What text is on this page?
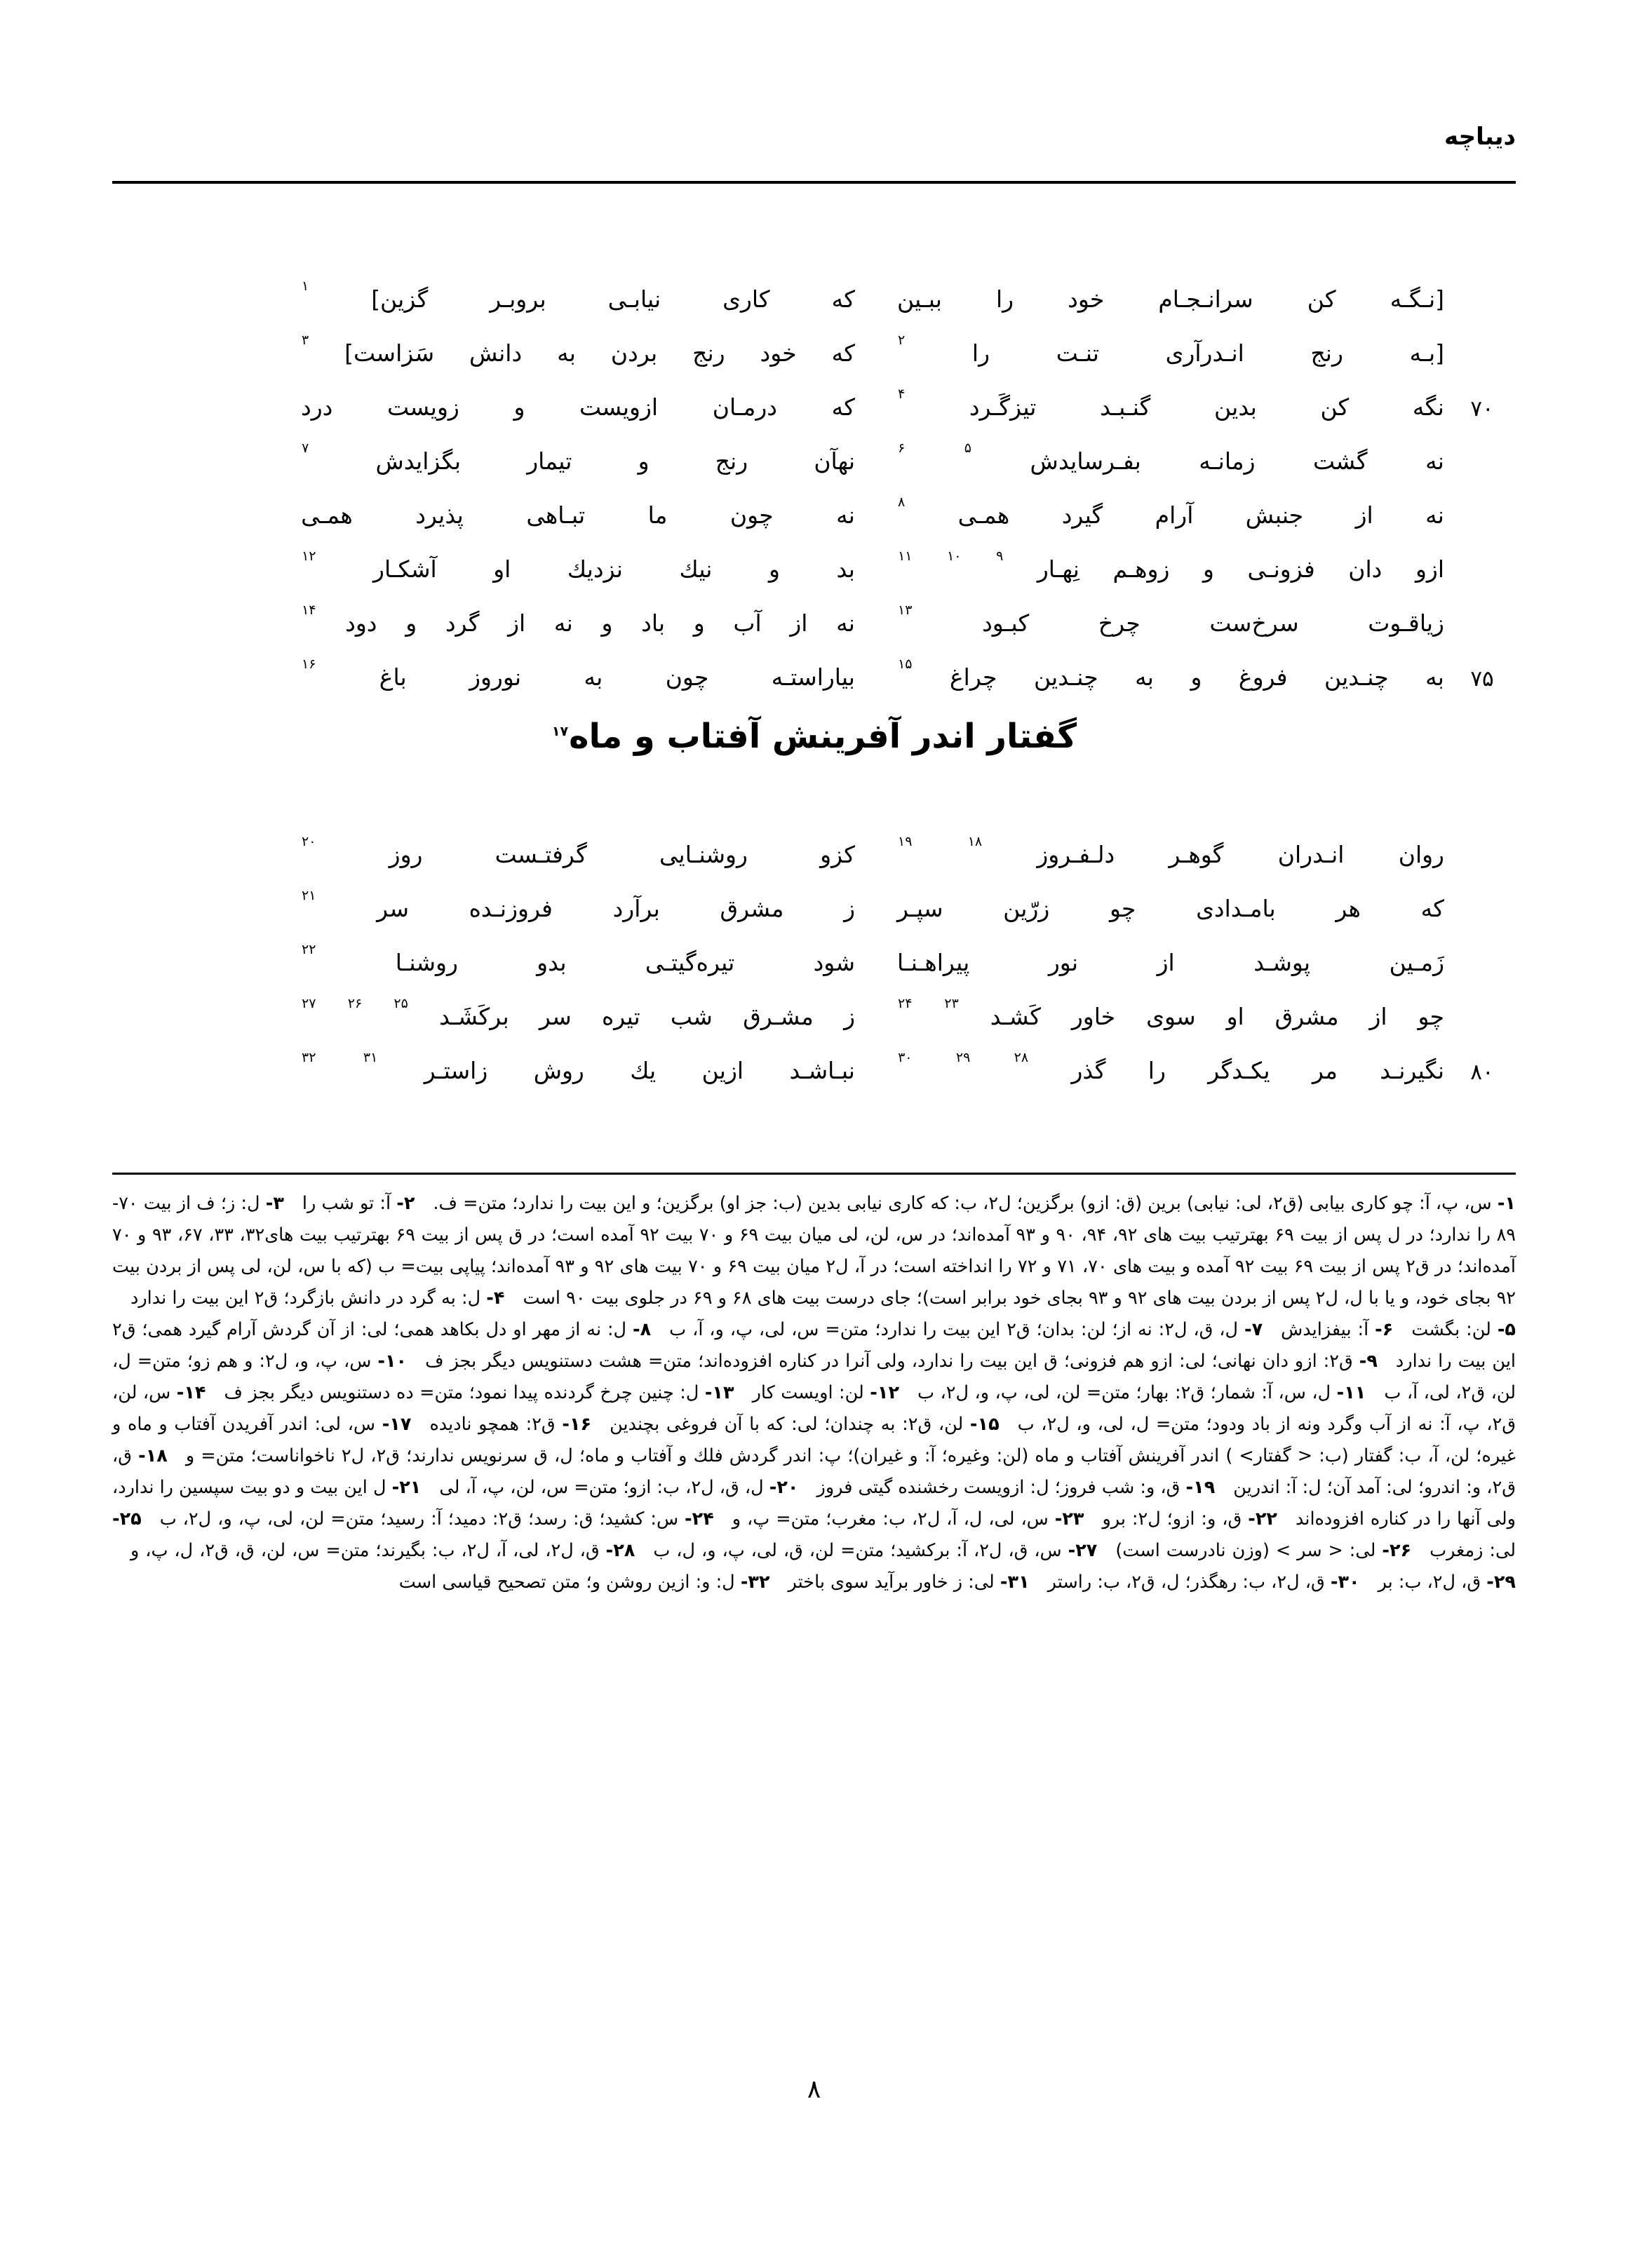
دیباچه
[نـگـه
کن
سرانـجـام
خود
را
ببـین
که
کاری
نیابـی
برو‌بـر
گزین]
۱
[بـه
رنج
انـدرآری
تنـت
را
۲
که
خود
رنج
بردن
به
دانش
سَزاست]
۳
۷۰
نگه
کن
بدین
گنـبـد
تیزگَـرد
۴
که
درمـان
ازویست
و
زویست
درد
نه
گشت
زمانـه
بفـرسایدش
۵
۶
نهآن
رنج
و
تیمار
بگزایدش
۷
نه
از
جنبش
آرام
گیرد
همـی
۸
نه
چون
ما
تبـاهی
پذیرد
همـی
ازو
دان
فزونـی
و
زوهـم
نِهـار
۹
۱۰
۱۱
بد
و
نیك
نزدیك
او
آشكـار
۱۲
زیاقـوت
سرخ‌ست
چرخ
كبـود
۱۳
نه
از
آب
و
باد
و
نه
از
گرد
و
دود
۱۴
۷۵
به
چنـدین
فروغ
و
به
چنـدین
چراغ
۱۵
بیاراستـه
چون
به
نوروز
باغ
۱۶
گفتار اندر آفرینش آفتاب و ماه$^{۱۷}$
روان
انـدران
گوهـر
دلـفـروز
۱۸
۱۹
كزو
روشنـایی
گرفتـست
روز
۲۰
كه
هر
بامـدادی
چو
زرّین
سپـر
ز
مشرق
برآرد
فروزنـده
سر
۲۱
زَمـین
پوشـد
از
نور
پیراهـنـا
شود
تیره‌گیتـی
بدو
روشنـا
۲۲
چو
از
مشرق
او
سوی
خاور
كَشـد
۲۳
۲۴
ز
مشـرق
شب
تیره
سر
برکَشَـد
۲۵
۲۶
۲۷
۸۰
نگیرنـد
مر
یكـدگر
را
گذر
۲۸
۲۹
۳۰
نبـاشـد
ازین
یك
روش
زاستـر
۳۱
۳۲
۱- س، پ، آ: چو کاری بیابی (ق٢، لی: نیابی) برین (ق: ازو) برگزین؛ ل٢، ب: که کاری نیابی بدین (ب: جز او) برگزین؛ و این بیت را ندارد؛ متن= ف.۲- آ: تو شب را۳- ل: ز؛ ف از بیت ۷۰- ۸۹ را ندارد؛ در ل پس از بیت ۶۹ بهترتیب بیت های ۹۲، ۹۴، ۹۰ و ۹۳ آمده‌اند؛ در س، لن، لی میان بیت ۶۹ و ۷۰ بیت ۹۲ آمده است؛ در ق پس از بیت ۶۹ بهترتیب بیت های۳۲، ۳۳، ۶۷، ۹۳ و ۷۰ آمده‌اند؛ در ق٢ پس از بیت ۶۹ بیت ۹۲ آمده و بیت های ۷۰، ۷۱ و ۷۲ را انداخته است؛ در آ، ل٢ میان بیت ۶۹ و ۷۰ بیت های ۹۲ و ۹۳ آمده‌اند؛ پیاپی بیت= ب (که با س، لن، لی پس از بردن بیت ۹۲ بجای خود، و یا با ل، ل٢ پس از بردن بیت های ۹۲ و ۹۳ بجای خود برابر است)؛ جای درست بیت های ۶۸ و ۶۹ در جلوی بیت ۹۰ است۴- ل: به گرد در دانش بازگرد؛ ق٢ این بیت را ندارد۵- لن: بگشت۶- آ: بیفزایدش۷- ل، ق، ل٢: نه از؛ لن: بدان؛ ق٢ این بیت را ندارد؛ متن= س، لی، پ، و، آ، ب۸- ل: نه از مهر او دل بكاهد همی؛ لی: از آن گردش آرام گیرد همی؛ ق٢ این بیت را ندارد۹- ق٢: ازو دان نهانی؛ لی: ازو هم فزونی؛ ق این بیت را ندارد، ولی آنرا در کناره افزوده‌اند؛ متن= هشت دستنویس دیگر بجز ف۱۰- س، پ، و، ل٢: و هم زو؛ متن= ل، لن، ق٢، لی، آ، ب۱۱- ل، س، آ: شمار؛ ق٢: بهار؛ متن= لن، لی، پ، و، ل٢، ب۱۲- لن: اویست کار۱۳- ل: چنین چرخ گردنده پیدا نمود؛ متن= ده دستنویس دیگر بجز ف۱۴- س، لن، ق٢، پ، آ: نه از آب وگرد ونه از باد ودود؛ متن= ل، لی، و، ل٢، ب۱۵- لن، ق٢: به چندان؛ لی: که با آن فروغی بچندین۱۶- ق٢: همچو نادیده۱۷- س، لی: اندر آفریدن آفتاب و ماه و غیره؛ لن، آ، ب: گفتار (ب: < گفتار> ) اندر آفرینش آفتاب و ماه (لن: وغیره؛ آ: و غیران)؛ پ: اندر گردش فلك و آفتاب و ماه؛ ل، ق سرنویس ندارند؛ ق٢، ل٢ ناخواناست؛ متن= و۱۸- ق، ق٢، و: اندرو؛ لی: آمد آن؛ ل: آ: اندرین۱۹- ق، و: شب فروز؛ ل: ازویست رخشنده گیتی فروز۲۰- ل، ق، ل٢، ب: ازو؛ متن= س، لن، پ، آ، لی۲۱- ل این بیت و دو بیت سپسین را ندارد، ولی آنها را در کناره افزوده‌اند۲۲- ق، و: ازو؛ ل٢: برو۲۳- س، لی، ل، آ، ل٢، ب: مغرب؛ متن= پ، و۲۴- س: کشید؛ ق: رسد؛ ق٢: دمید؛ آ: رسید؛ متن= لن، لی، پ، و، ل٢، ب۲۵- لی: زمغرب۲۶- لی: < سر > (وزن نادرست است)۲۷- س، ق، ل٢، آ: برکشید؛ متن= لن، ق، لی، پ، و، ل، ب۲۸- ق، ل٢، لی، آ، ل٢، ب: بگیرند؛ متن= س، لن، ق، ق٢، ل، پ، و۲۹- ق، ل٢، ب: بر۳۰- ق، ل٢، ب: رهگذر؛ ل، ق٢، ب: راستر۳۱- لی: ز خاور برآید سوی باختر۳۲- ل: و: ازین روشن و؛ متن تصحیح قیاسی است
۸
